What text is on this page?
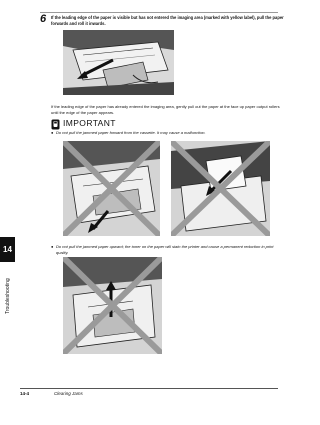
6 If the leading edge of the paper is visible but has not entered the imaging area (marked with yellow label), pull the paper forwards and roll it inwards.
If the leading edge of the paper has already entered the imaging area, gently pull out the paper at the face up paper output rollers until the edge of the paper appears.
IMPORTANT
● Do not pull the jammed paper forward from the cassette. It may cause a malfunction.
● Do not pull the jammed paper upward; the toner on the paper will stain the printer and cause a permanent reduction in print quality.
14
Troubleshooting
14-4	Clearing Jams
